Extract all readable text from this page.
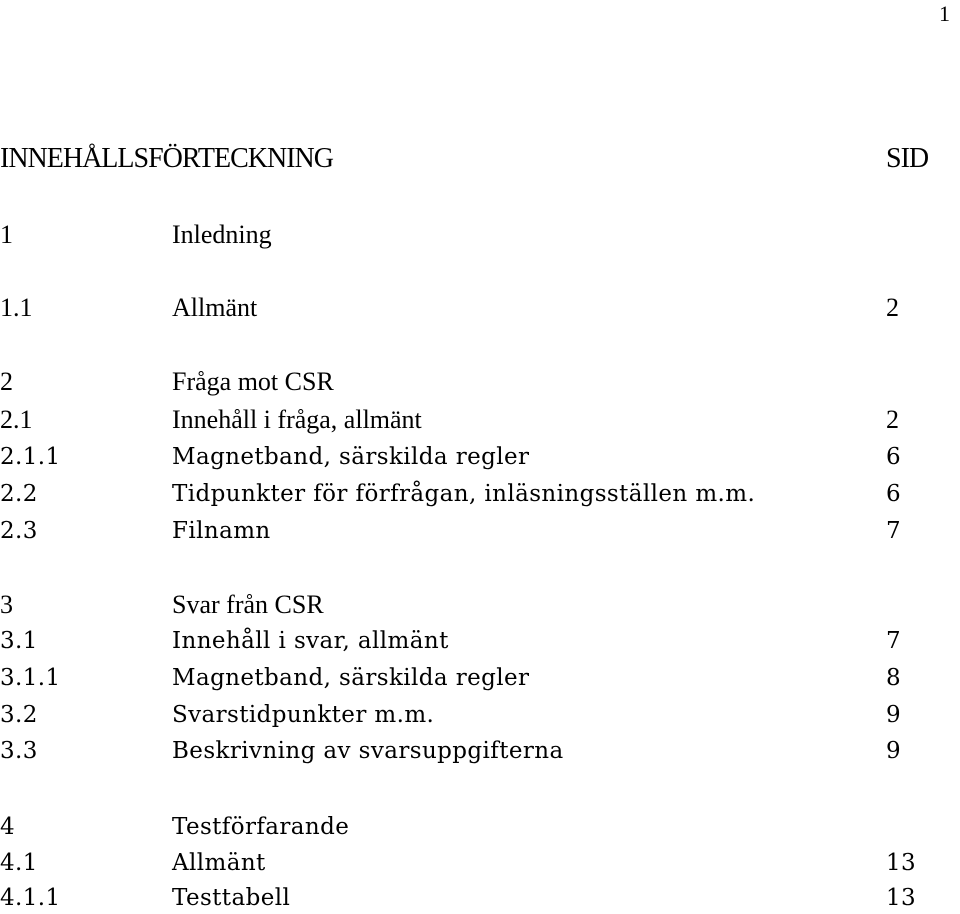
1
INNEHÅLLSFÖRTECKNING	SID
1	Inledning
1.1	Allmänt	2
2	Fråga mot CSR
2.1	Innehåll i fråga, allmänt	2
2.1.1	Magnetband, särskilda regler	6
2.2	Tidpunkter för förfrågan, inläsningsställen m.m.	6
2.3	Filnamn	7
3	Svar från CSR
3.1	Innehåll i svar, allmänt	7
3.1.1	Magnetband, särskilda regler	8
3.2	Svarstidpunkter m.m.	9
3.3	Beskrivning av svarsuppgifterna	9
4	Testförfarande
4.1	Allmänt	13
4.1.1	Testtabell	13
